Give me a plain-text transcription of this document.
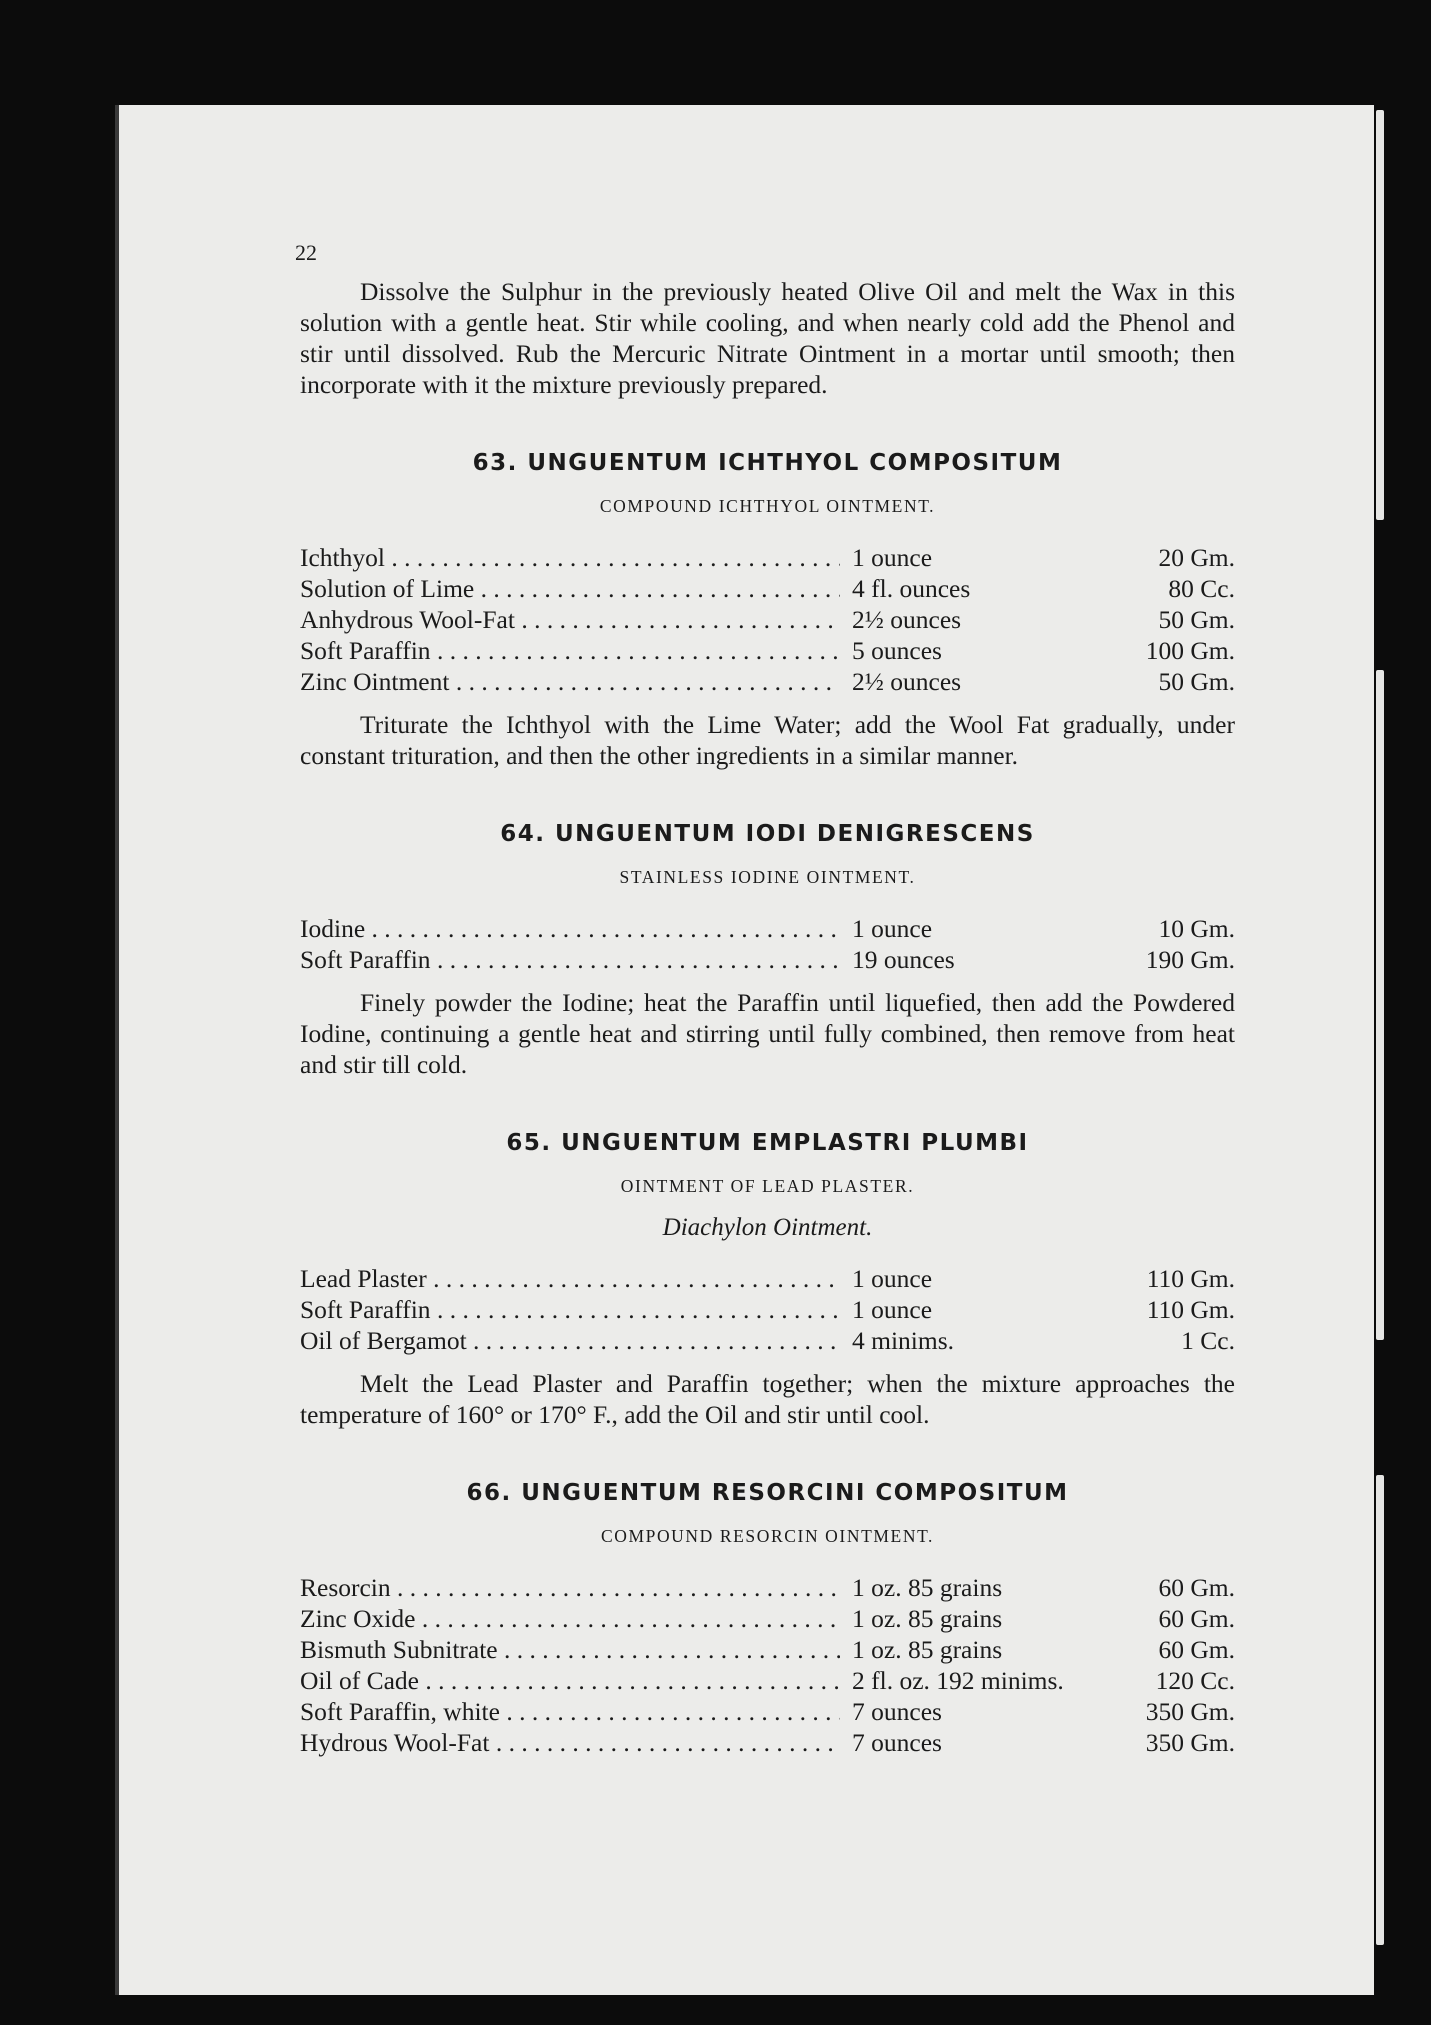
22

Dissolve the Sulphur in the previously heated Olive Oil and melt the Wax in this solution with a gentle heat. Stir while cooling, and when nearly cold add the Phenol and stir until dissolved. Rub the Mercuric Nitrate Ointment in a mortar until smooth; then incorporate with it the mixture previously prepared.

63. UNGUENTUM ICHTHYOL COMPOSITUM
COMPOUND ICHTHYOL OINTMENT.
Ichthyol . . .	1 ounce	20 Gm.
Solution of Lime . . .	4 fl. ounces	80 Cc.
Anhydrous Wool-Fat . . .	2½ ounces	50 Gm.
Soft Paraffin . . .	5 ounces	100 Gm.
Zinc Ointment . . .	2½ ounces	50 Gm.

Triturate the Ichthyol with the Lime Water; add the Wool Fat gradually, under constant trituration, and then the other ingredients in a similar manner.

64. UNGUENTUM IODI DENIGRESCENS
STAINLESS IODINE OINTMENT.
Iodine . . .	1 ounce	10 Gm.
Soft Paraffin . . .	19 ounces	190 Gm.

Finely powder the Iodine; heat the Paraffin until liquefied, then add the Powdered Iodine, continuing a gentle heat and stirring until fully combined, then remove from heat and stir till cold.

65. UNGUENTUM EMPLASTRI PLUMBI
OINTMENT OF LEAD PLASTER.
Diachylon Ointment.
Lead Plaster . . .	1 ounce	110 Gm.
Soft Paraffin . . .	1 ounce	110 Gm.
Oil of Bergamot . . .	4 minims.	1 Cc.

Melt the Lead Plaster and Paraffin together; when the mixture approaches the temperature of 160° or 170° F., add the Oil and stir until cool.

66. UNGUENTUM RESORCINI COMPOSITUM
COMPOUND RESORCIN OINTMENT.
Resorcin . . .	1 oz. 85 grains	60 Gm.
Zinc Oxide . . .	1 oz. 85 grains	60 Gm.
Bismuth Subnitrate . . .	1 oz. 85 grains	60 Gm.
Oil of Cade . . .	2 fl. oz. 192 minims.	120 Cc.
Soft Paraffin, white . . .	7 ounces	350 Gm.
Hydrous Wool-Fat . . .	7 ounces	350 Gm.
